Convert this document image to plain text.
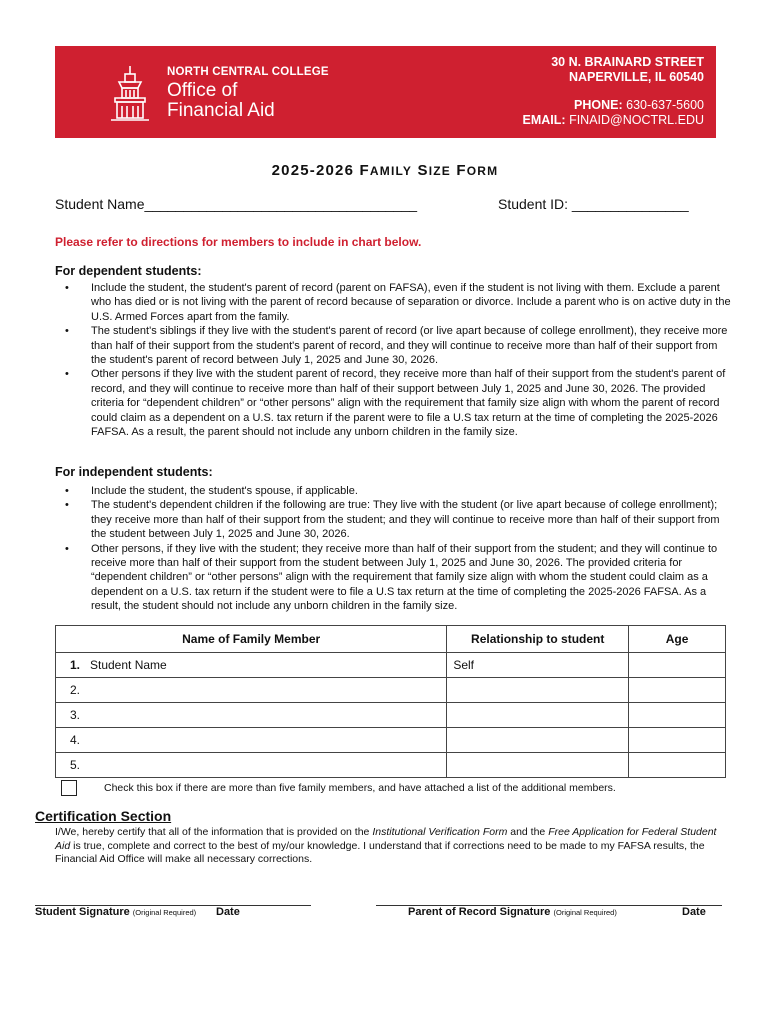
NORTH CENTRAL COLLEGE
Office of
Financial Aid
30 N. BRAINARD STREET
NAPERVILLE, IL 60540
PHONE: 630-637-5600
EMAIL: FINAID@NOCTRL.EDU
2025-2026 FAMILY SIZE FORM
Student Name___________________________________	Student ID: _______________
Please refer to directions for members to include in chart below.
For dependent students:
• Include the student, the student's parent of record (parent on FAFSA), even if the student is not living with them. Exclude a parent who has died or is not living with the parent of record because of separation or divorce. Include a parent who is on active duty in the U.S. Armed Forces apart from the family.
• The student's siblings if they live with the student's parent of record (or live apart because of college enrollment), they receive more than half of their support from the student's parent of record, and they will continue to receive more than half of their support from the student's parent of record between July 1, 2025 and June 30, 2026.
• Other persons if they live with the student parent of record, they receive more than half of their support from the student's parent of record, and they will continue to receive more than half of their support between July 1, 2025 and June 30, 2026. The provided criteria for “dependent children” or “other persons” align with the requirement that family size align with whom the parent of record could claim as a dependent on a U.S. tax return if the parent were to file a U.S tax return at the time of completing the 2025-2026 FAFSA. As a result, the parent should not include any unborn children in the family size.
For independent students:
• Include the student, the student's spouse, if applicable.
• The student's dependent children if the following are true: They live with the student (or live apart because of college enrollment); they receive more than half of their support from the student; and they will continue to receive more than half of their support from the student between July 1, 2025 and June 30, 2026.
• Other persons, if they live with the student; they receive more than half of their support from the student; and they will continue to receive more than half of their support from the student between July 1, 2025 and June 30, 2026. The provided criteria for “dependent children” or “other persons” align with the requirement that family size align with whom the student could claim as a dependent on a U.S. tax return if the student were to file a U.S tax return at the time of completing the 2025-2026 FAFSA. As a result, the student should not include any unborn children in the family size.
Name of Family Member	Relationship to student	Age
1. Student Name	Self	
2.		
3.		
4.		
5.		
Check this box if there are more than five family members, and have attached a list of the additional members.
Certification Section
I/We, hereby certify that all of the information that is provided on the Institutional Verification Form and the Free Application for Federal Student Aid is true, complete and correct to the best of my/our knowledge. I understand that if corrections need to be made to my FAFSA results, the Financial Aid Office will make all necessary corrections.
Student Signature (Original Required) Date	Parent of Record Signature (Original Required)	Date
